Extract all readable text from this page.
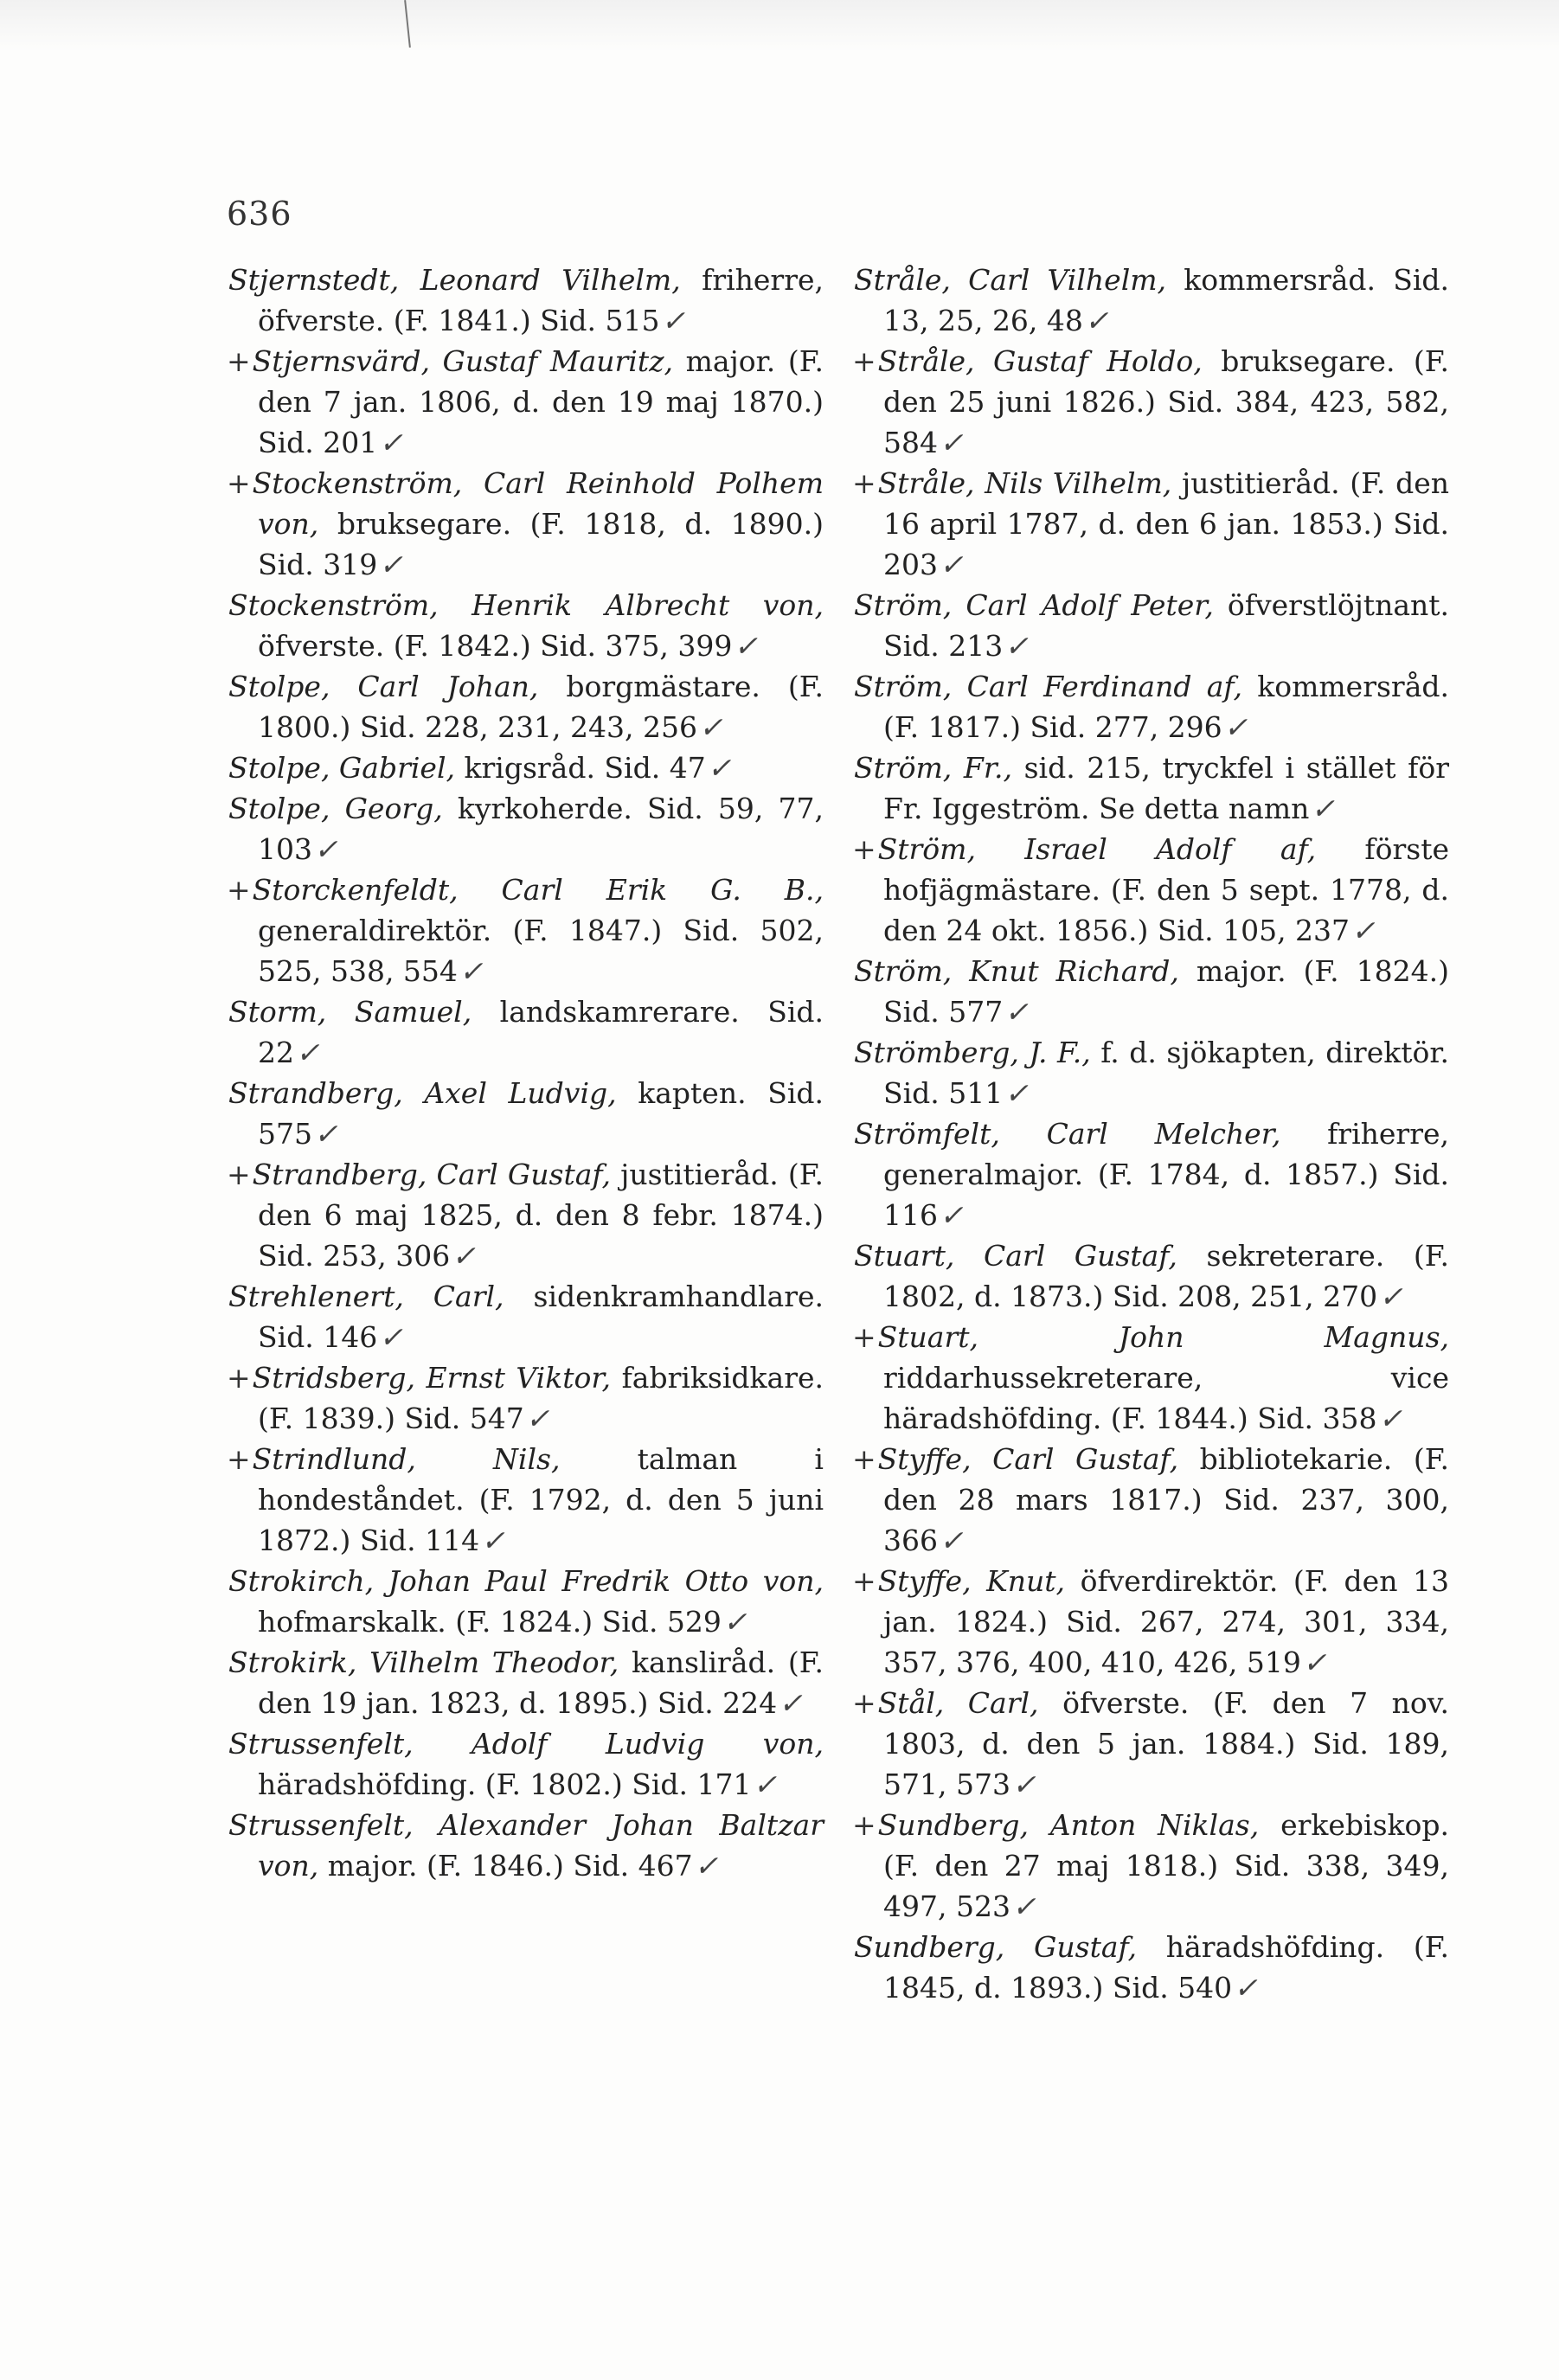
636

Stjernstedt, Leonard Vilhelm, friherre, öfverste. (F. 1841.) Sid. 515✓

+Stjernsvärd, Gustaf Mauritz, major. (F. den 7 jan. 1806, d. den 19 maj 1870.) Sid. 201✓

+Stockenström, Carl Reinhold Polhem von, bruksegare. (F. 1818, d. 1890.) Sid. 319✓

Stockenström, Henrik Albrecht von, öfverste. (F. 1842.) Sid. 375, 399✓

Stolpe, Carl Johan, borgmästare. (F. 1800.) Sid. 228, 231, 243, 256✓

Stolpe, Gabriel, krigsråd. Sid. 47✓

Stolpe, Georg, kyrkoherde. Sid. 59, 77, 103✓

+Storckenfeldt, Carl Erik G. B., generaldirektör. (F. 1847.) Sid. 502, 525, 538, 554✓

Storm, Samuel, landskamrerare. Sid. 22✓

Strandberg, Axel Ludvig, kapten. Sid. 575✓

+Strandberg, Carl Gustaf, justitieråd. (F. den 6 maj 1825, d. den 8 febr. 1874.) Sid. 253, 306✓

Strehlenert, Carl, sidenkramhandlare. Sid. 146✓

+Stridsberg, Ernst Viktor, fabriksidkare. (F. 1839.) Sid. 547✓

+Strindlund, Nils, talman i hondeståndet. (F. 1792, d. den 5 juni 1872.) Sid. 114✓

Strokirch, Johan Paul Fredrik Otto von, hofmarskalk. (F. 1824.) Sid. 529✓

Strokirk, Vilhelm Theodor, kansliråd. (F. den 19 jan. 1823, d. 1895.) Sid. 224✓

Strussenfelt, Adolf Ludvig von, häradshöfding. (F. 1802.) Sid. 171✓

Strussenfelt, Alexander Johan Baltzar von, major. (F. 1846.) Sid. 467✓

Stråle, Carl Vilhelm, kommersråd. Sid. 13, 25, 26, 48✓

+Stråle, Gustaf Holdo, bruksegare. (F. den 25 juni 1826.) Sid. 384, 423, 582, 584✓

+Stråle, Nils Vilhelm, justitieråd. (F. den 16 april 1787, d. den 6 jan. 1853.) Sid. 203✓

Ström, Carl Adolf Peter, öfverstlöjtnant. Sid. 213✓

Ström, Carl Ferdinand af, kommersråd. (F. 1817.) Sid. 277, 296✓

Ström, Fr., sid. 215, tryckfel i stället för Fr. Iggeström. Se detta namn✓

+Ström, Israel Adolf af, förste hofjägmästare. (F. den 5 sept. 1778, d. den 24 okt. 1856.) Sid. 105, 237✓

Ström, Knut Richard, major. (F. 1824.) Sid. 577✓

Strömberg, J. F., f. d. sjökapten, direktör. Sid. 511✓

Strömfelt, Carl Melcher, friherre, generalmajor. (F. 1784, d. 1857.) Sid. 116✓

Stuart, Carl Gustaf, sekreterare. (F. 1802, d. 1873.) Sid. 208, 251, 270✓

+Stuart, John Magnus, riddarhussekreterare, vice häradshöfding. (F. 1844.) Sid. 358✓

+Styffe, Carl Gustaf, bibliotekarie. (F. den 28 mars 1817.) Sid. 237, 300, 366✓

+Styffe, Knut, öfverdirektör. (F. den 13 jan. 1824.) Sid. 267, 274, 301, 334, 357, 376, 400, 410, 426, 519✓

+Stål, Carl, öfverste. (F. den 7 nov. 1803, d. den 5 jan. 1884.) Sid. 189, 571, 573✓

+Sundberg, Anton Niklas, erkebiskop. (F. den 27 maj 1818.) Sid. 338, 349, 497, 523✓

Sundberg, Gustaf, häradshöfding. (F. 1845, d. 1893.) Sid. 540✓
